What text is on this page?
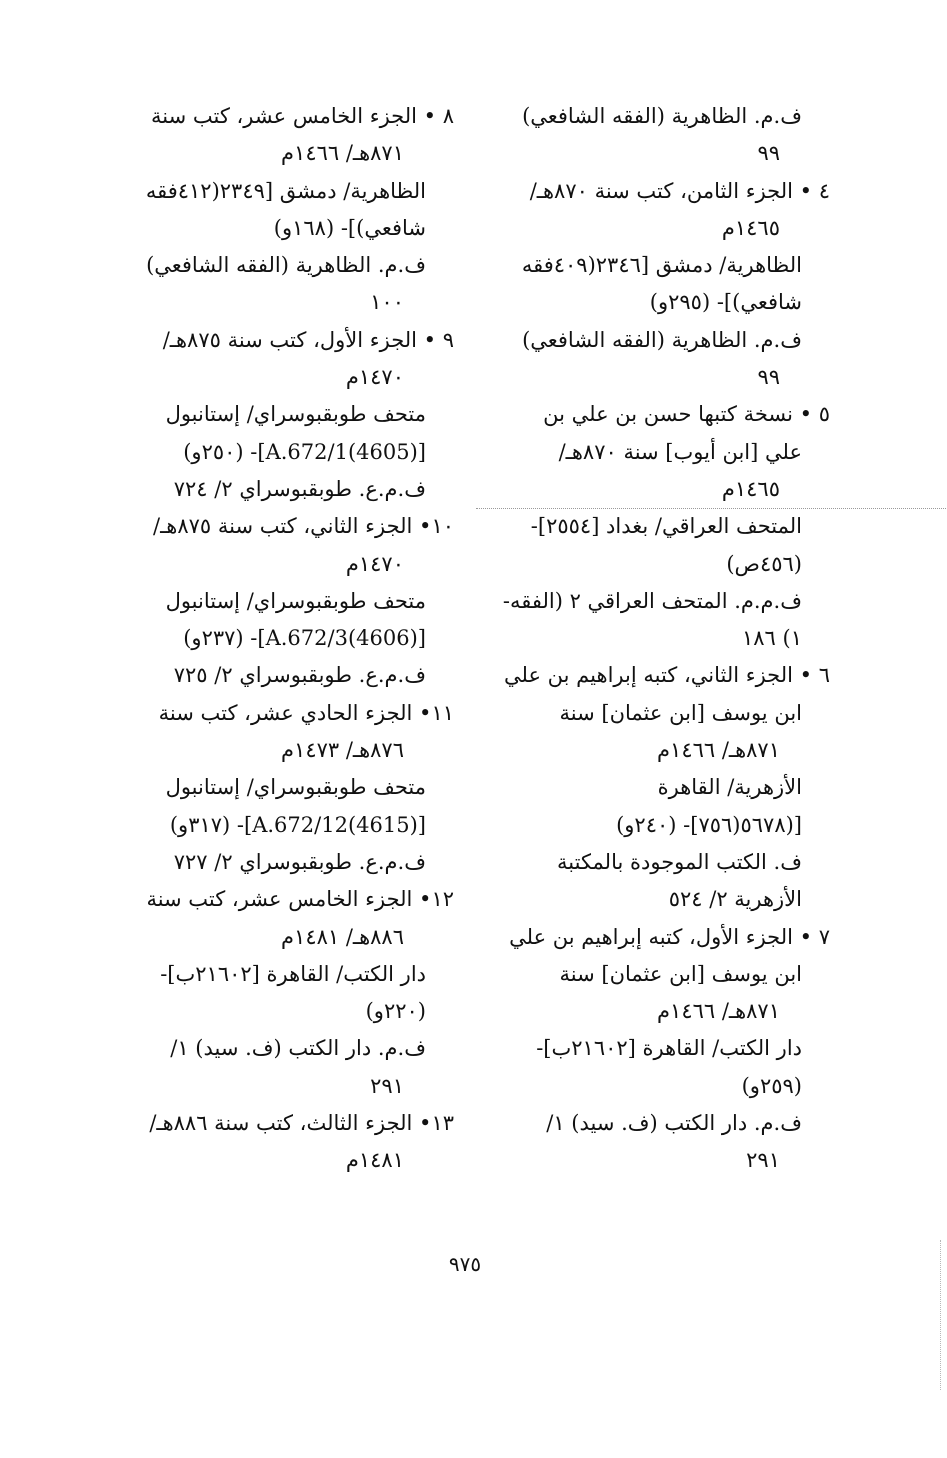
ف.م. الظاهرية (الفقه الشافعي)
٩٩
٤ • الجزء الثامن، كتب سنة ٨٧٠هـ/
١٤٦٥م
الظاهرية/ دمشق [٢٣٤٦(٤٠٩فقه
شافعي)]- (٢٩٥و)
ف.م. الظاهرية (الفقه الشافعي)
٩٩
٥ • نسخة كتبها حسن بن علي بن
علي [ابن أيوب] سنة ٨٧٠هـ/
١٤٦٥م
المتحف العراقي/ بغداد [٢٥٥٤]-
(٤٥٦ص)
ف.م.م. المتحف العراقي ٢ (الفقه-
١) ١٨٦
٦ • الجزء الثاني، كتبه إبراهيم بن علي
ابن يوسف [ابن عثمان] سنة
٨٧١هـ/ ١٤٦٦م
الأزهرية/ القاهرة
[(٥٦٧٨(٧٥٦]- (٢٤٠و)
ف. الكتب الموجودة بالمكتبة
الأزهرية ٢/ ٥٢٤
٧ • الجزء الأول، كتبه إبراهيم بن علي
ابن يوسف [ابن عثمان] سنة
٨٧١هـ/ ١٤٦٦م
دار الكتب/ القاهرة [٢١٦٠٢ب]-
(٢٥٩و)
ف.م. دار الكتب (ف. سيد) ١/
٢٩١
٨ • الجزء الخامس عشر، كتب سنة
٨٧١هـ/ ١٤٦٦م
الظاهرية/ دمشق [٢٣٤٩(٤١٢فقه
شافعي)]- (١٦٨و)
ف.م. الظاهرية (الفقه الشافعي)
١٠٠
٩ • الجزء الأول، كتب سنة ٨٧٥هـ/
١٤٧٠م
متحف طوبقبوسراي/ إستانبول
[(4605)A.672/1]- (٢٥٠و)
ف.م.ع. طوبقبوسراي ٢/ ٧٢٤
١٠• الجزء الثاني، كتب سنة ٨٧٥هـ/
١٤٧٠م
متحف طوبقبوسراي/ إستانبول
[(4606)A.672/3]- (٢٣٧و)
ف.م.ع. طوبقبوسراي ٢/ ٧٢٥
١١• الجزء الحادي عشر، كتب سنة
٨٧٦هـ/ ١٤٧٣م
متحف طوبقبوسراي/ إستانبول
[(4615)A.672/12]- (٣١٧و)
ف.م.ع. طوبقبوسراي ٢/ ٧٢٧
١٢• الجزء الخامس عشر، كتب سنة
٨٨٦هـ/ ١٤٨١م
دار الكتب/ القاهرة [٢١٦٠٢ب]-
(٢٢٠و)
ف.م. دار الكتب (ف. سيد) ١/
٢٩١
١٣• الجزء الثالث، كتب سنة ٨٨٦هـ/
١٤٨١م
٩٧٥
